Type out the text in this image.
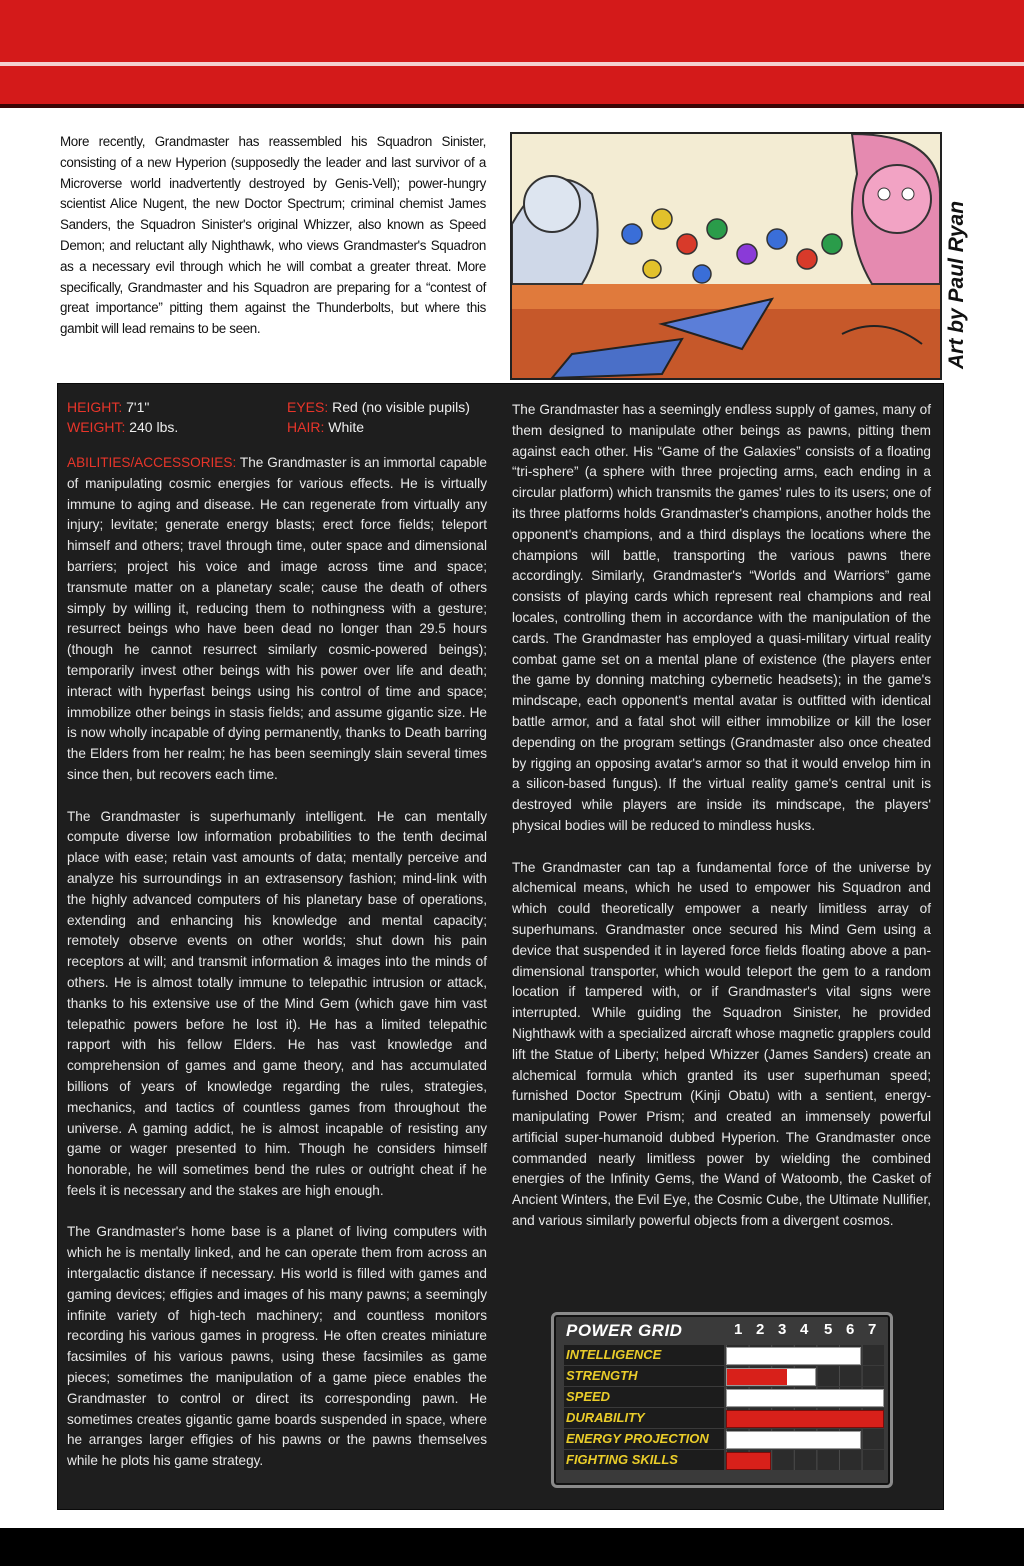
More recently, Grandmaster has reassembled his Squadron Sinister, consisting of a new Hyperion (supposedly the leader and last survivor of a Microverse world inadvertently destroyed by Genis-Vell); power-hungry scientist Alice Nugent, the new Doctor Spectrum; criminal chemist James Sanders, the Squadron Sinister's original Whizzer, also known as Speed Demon; and reluctant ally Nighthawk, who views Grandmaster's Squadron as a necessary evil through which he will combat a greater threat. More specifically, Grandmaster and his Squadron are preparing for a “contest of great importance” pitting them against the Thunderbolts, but where this gambit will lead remains to be seen.	Art by Paul Ryan
HEIGHT: 7'1"
WEIGHT: 240 lbs.
EYES: Red (no visible pupils)
HAIR: White

ABILITIES/ACCESSORIES: The Grandmaster is an immortal capable of manipulating cosmic energies for various effects. He is virtually immune to aging and disease. He can regenerate from virtually any injury; levitate; generate energy blasts; erect force fields; teleport himself and others; travel through time, outer space and dimensional barriers; project his voice and image across time and space; transmute matter on a planetary scale; cause the death of others simply by willing it, reducing them to nothingness with a gesture; resurrect beings who have been dead no longer than 29.5 hours (though he cannot resurrect similarly cosmic-powered beings); temporarily invest other beings with his power over life and death; interact with hyperfast beings using his control of time and space; immobilize other beings in stasis fields; and assume gigantic size. He is now wholly incapable of dying permanently, thanks to Death barring the Elders from her realm; he has been seemingly slain several times since then, but recovers each time.

The Grandmaster is superhumanly intelligent. He can mentally compute diverse low information probabilities to the tenth decimal place with ease; retain vast amounts of data; mentally perceive and analyze his surroundings in an extrasensory fashion; mind-link with the highly advanced computers of his planetary base of operations, extending and enhancing his knowledge and mental capacity; remotely observe events on other worlds; shut down his pain receptors at will; and transmit information & images into the minds of others. He is almost totally immune to telepathic intrusion or attack, thanks to his extensive use of the Mind Gem (which gave him vast telepathic powers before he lost it). He has a limited telepathic rapport with his fellow Elders. He has vast knowledge and comprehension of games and game theory, and has accumulated billions of years of knowledge regarding the rules, strategies, mechanics, and tactics of countless games from throughout the universe. A gaming addict, he is almost incapable of resisting any game or wager presented to him. Though he considers himself honorable, he will sometimes bend the rules or outright cheat if he feels it is necessary and the stakes are high enough.

The Grandmaster's home base is a planet of living computers with which he is mentally linked, and he can operate them from across an intergalactic distance if necessary. His world is filled with games and gaming devices; effigies and images of his many pawns; a seemingly infinite variety of high-tech machinery; and countless monitors recording his various games in progress. He often creates miniature facsimiles of his various pawns, using these facsimiles as game pieces; sometimes the manipulation of a game piece enables the Grandmaster to control or direct its corresponding pawn. He sometimes creates gigantic game boards suspended in space, where he arranges larger effigies of his pawns or the pawns themselves while he plots his game strategy.

The Grandmaster has a seemingly endless supply of games, many of them designed to manipulate other beings as pawns, pitting them against each other. His “Game of the Galaxies” consists of a floating “tri-sphere” (a sphere with three projecting arms, each ending in a circular platform) which transmits the games' rules to its users; one of its three platforms holds Grandmaster's champions, another holds the opponent's champions, and a third displays the locations where the champions will battle, transporting the various pawns there accordingly. Similarly, Grandmaster's “Worlds and Warriors” game consists of playing cards which represent real champions and real locales, controlling them in accordance with the manipulation of the cards. The Grandmaster has employed a quasi-military virtual reality combat game set on a mental plane of existence (the players enter the game by donning matching cybernetic headsets); in the game's mindscape, each opponent's mental avatar is outfitted with identical battle armor, and a fatal shot will either immobilize or kill the loser depending on the program settings (Grandmaster also once cheated by rigging an opposing avatar's armor so that it would envelop him in a silicon-based fungus). If the virtual reality game's central unit is destroyed while players are inside its mindscape, the players' physical bodies will be reduced to mindless husks.

The Grandmaster can tap a fundamental force of the universe by alchemical means, which he used to empower his Squadron and which could theoretically empower a nearly limitless array of superhumans. Grandmaster once secured his Mind Gem using a device that suspended it in layered force fields floating above a pan-dimensional transporter, which would teleport the gem to a random location if tampered with, or if Grandmaster's vital signs were interrupted. While guiding the Squadron Sinister, he provided Nighthawk with a specialized aircraft whose magnetic grapplers could lift the Statue of Liberty; helped Whizzer (James Sanders) create an alchemical formula which granted its user superhuman speed; furnished Doctor Spectrum (Kinji Obatu) with a sentient, energy-manipulating Power Prism; and created an immensely powerful artificial super-humanoid dubbed Hyperion. The Grandmaster once commanded nearly limitless power by wielding the combined energies of the Infinity Gems, the Wand of Watoomb, the Casket of Ancient Winters, the Evil Eye, the Cosmic Cube, the Ultimate Nullifier, and various similarly powerful objects from a divergent cosmos.

POWER GRID	1 2 3 4 5 6 7
INTELLIGENCE
STRENGTH
SPEED
DURABILITY
ENERGY PROJECTION
FIGHTING SKILLS
